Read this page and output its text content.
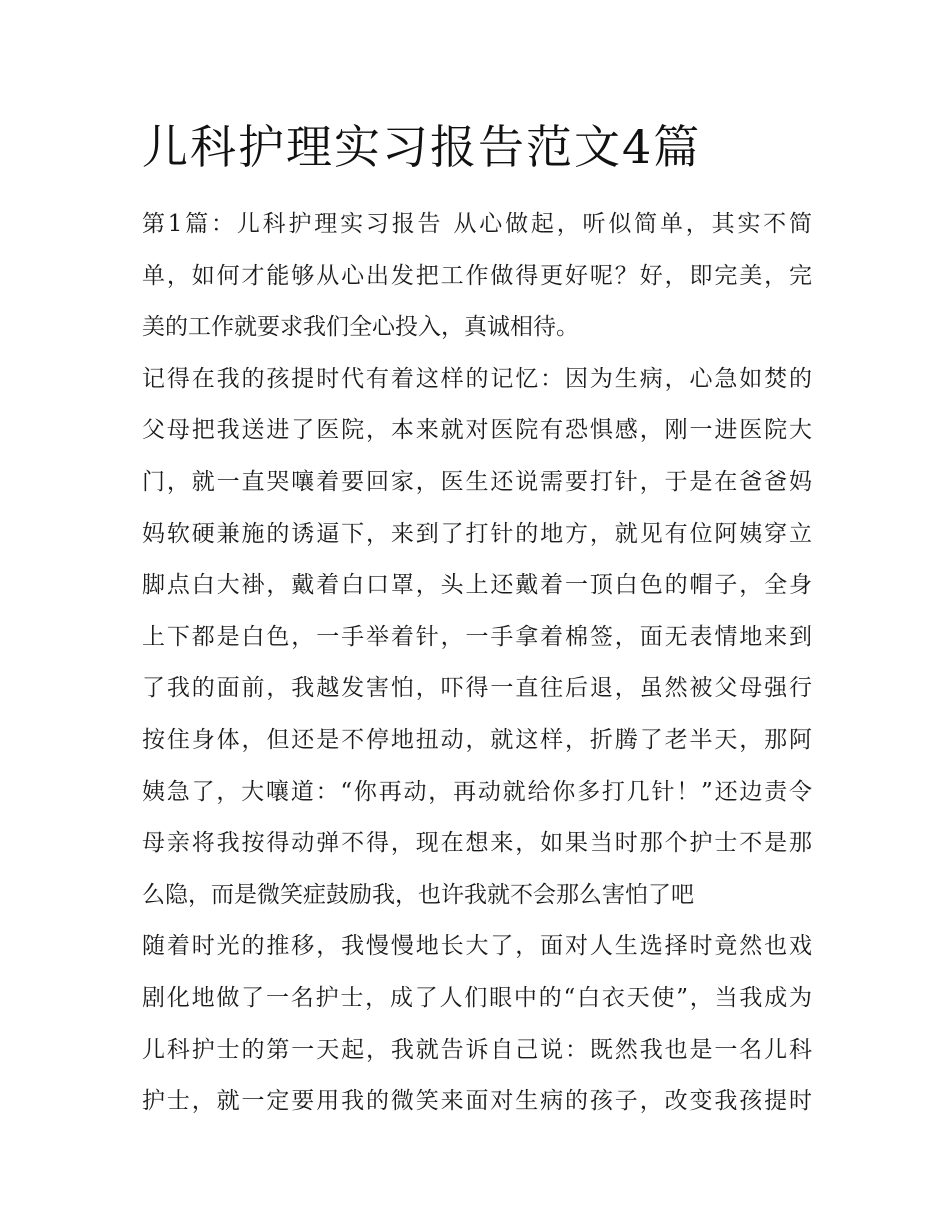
儿科护理实习报告范文4篇
第1篇：儿科护理实习报告 从心做起，听似简单，其实不简
单，如何才能够从心出发把工作做得更好呢？好，即完美，完
美的工作就要求我们全心投入，真诚相待。
记得在我的孩提时代有着这样的记忆：因为生病，心急如焚的
父母把我送进了医院，本来就对医院有恐惧感，刚一进医院大
门，就一直哭嚷着要回家，医生还说需要打针，于是在爸爸妈
妈软硬兼施的诱逼下，来到了打针的地方，就见有位阿姨穿立
脚点白大褂，戴着白口罩，头上还戴着一顶白色的帽子，全身
上下都是白色，一手举着针，一手拿着棉签，面无表情地来到
了我的面前，我越发害怕，吓得一直往后退，虽然被父母强行
按住身体，但还是不停地扭动，就这样，折腾了老半天，那阿
姨急了，大嚷道：“你再动，再动就给你多打几针！”还边责令
母亲将我按得动弹不得，现在想来，如果当时那个护士不是那
么隐，而是微笑症鼓励我，也许我就不会那么害怕了吧
随着时光的推移，我慢慢地长大了，面对人生选择时竟然也戏
剧化地做了一名护士，成了人们眼中的“白衣天使”，当我成为
儿科护士的第一天起，我就告诉自己说：既然我也是一名儿科
护士，就一定要用我的微笑来面对生病的孩子，改变我孩提时
